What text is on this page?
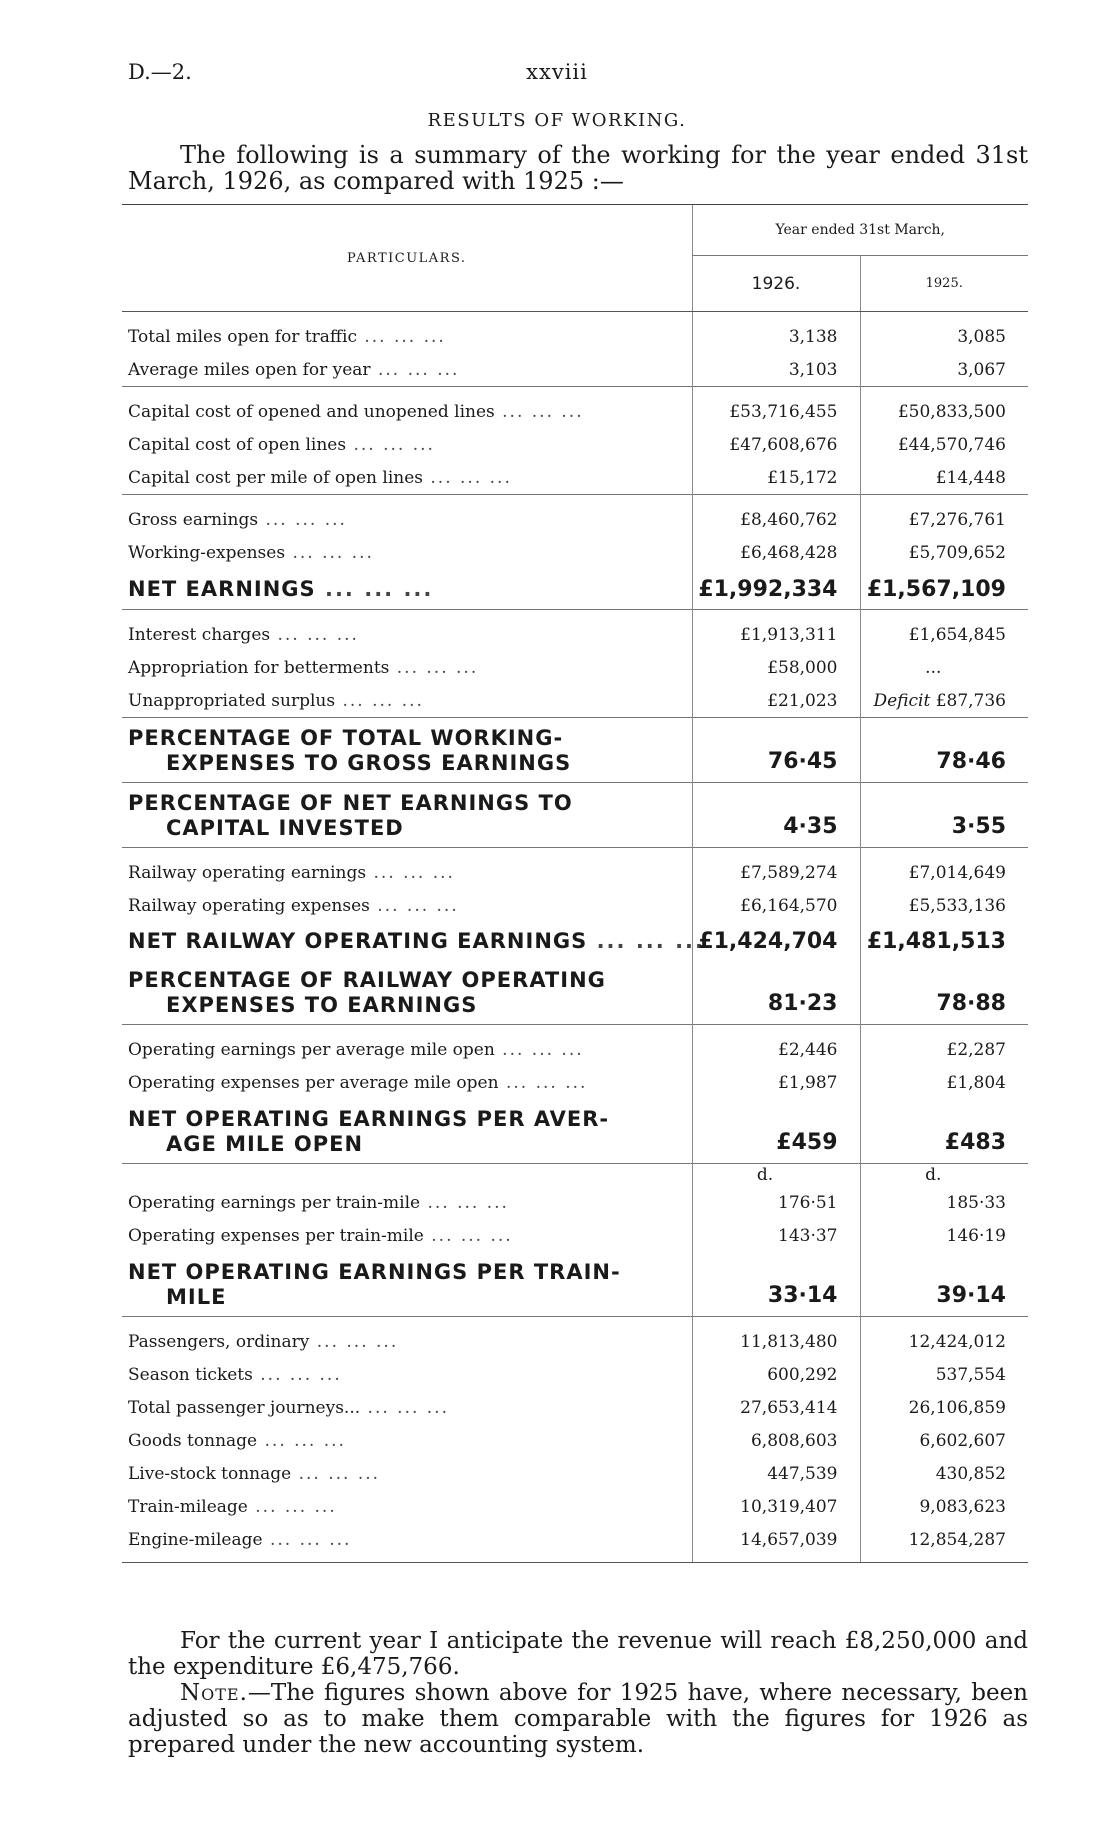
D.—2.	xxviii
RESULTS OF WORKING.
The following is a summary of the working for the year ended 31st March, 1926, as compared with 1925 :—
PARTICULARS.	Year ended 31st March,	
	1926.	1925.
Total miles open for traffic ... ... ...	3,138	3,085
Average miles open for year ... ... ...	3,103	3,067
Capital cost of opened and unopened lines ... ... ...	£53,716,455	£50,833,500
Capital cost of open lines ... ... ...	£47,608,676	£44,570,746
Capital cost per mile of open lines ... ... ...	£15,172	£14,448
Gross earnings ... ... ...	£8,460,762	£7,276,761
Working-expenses ... ... ...	£6,468,428	£5,709,652
NET EARNINGS ... ... ...	£1,992,334	£1,567,109
Interest charges ... ... ...	£1,913,311	£1,654,845
Appropriation for betterments ... ... ...	£58,000	...
Unappropriated surplus ... ... ...	£21,023	Deficit £87,736
PERCENTAGE OF TOTAL WORKING-
EXPENSES TO GROSS EARNINGS	76·45	78·46
PERCENTAGE OF NET EARNINGS TO
CAPITAL INVESTED	4·35	3·55
Railway operating earnings ... ... ...	£7,589,274	£7,014,649
Railway operating expenses ... ... ...	£6,164,570	£5,533,136
NET RAILWAY OPERATING EARNINGS ... ... ...	£1,424,704	£1,481,513
PERCENTAGE OF RAILWAY OPERATING
EXPENSES TO EARNINGS	81·23	78·88
Operating earnings per average mile open ... ... ...	£2,446	£2,287
Operating expenses per average mile open ... ... ...	£1,987	£1,804
NET OPERATING EARNINGS PER AVER-
AGE MILE OPEN	£459	£483
	d.	d.
Operating earnings per train-mile ... ... ...	176·51	185·33
Operating expenses per train-mile ... ... ...	143·37	146·19
NET OPERATING EARNINGS PER TRAIN-
MILE	33·14	39·14
Passengers, ordinary ... ... ...	11,813,480	12,424,012
Season tickets ... ... ...	600,292	537,554
Total passenger journeys... ... ... ...	27,653,414	26,106,859
Goods tonnage ... ... ...	6,808,603	6,602,607
Live-stock tonnage ... ... ...	447,539	430,852
Train-mileage ... ... ...	10,319,407	9,083,623
Engine-mileage ... ... ...	14,657,039	12,854,287

For the current year I anticipate the revenue will reach £8,250,000 and the expenditure £6,475,766.

Note.—The figures shown above for 1925 have, where necessary, been adjusted so as to make them comparable with the figures for 1926 as prepared under the new accounting system.
